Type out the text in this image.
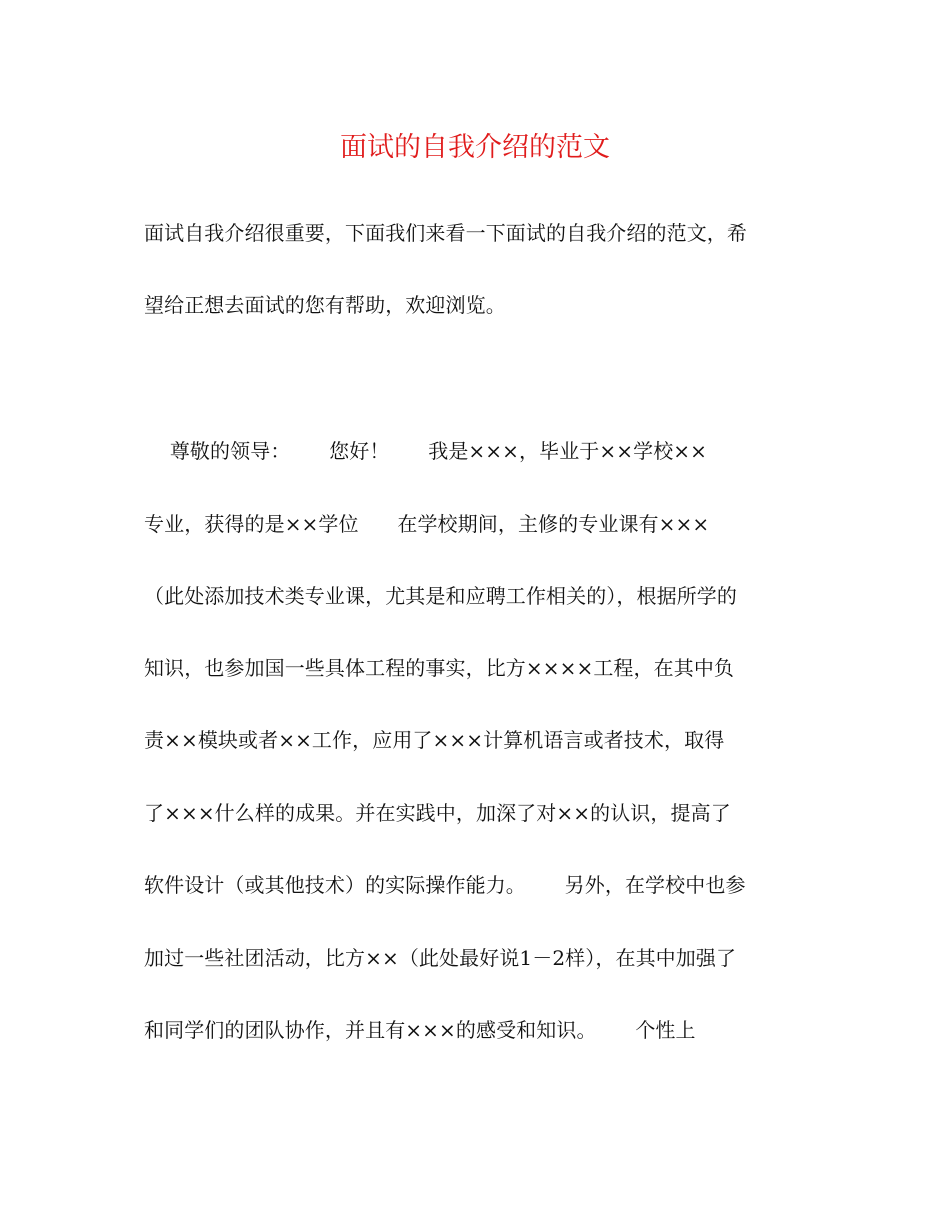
面试的自我介绍的范文
面试自我介绍很重要，下面我们来看一下面试的自我介绍的范文，希
望给正想去面试的您有帮助，欢迎浏览。
尊敬的领导：      您好！      我是×××，毕业于××学校××
专业，获得的是××学位      在学校期间，主修的专业课有×××
（此处添加技术类专业课，尤其是和应聘工作相关的），根据所学的
知识，也参加国一些具体工程的事实，比方××××工程，在其中负
责××模块或者××工作，应用了×××计算机语言或者技术，取得
了×××什么样的成果。并在实践中，加深了对××的认识，提高了
软件设计（或其他技术）的实际操作能力。      另外，在学校中也参
加过一些社团活动，比方××（此处最好说1－2样），在其中加强了
和同学们的团队协作，并且有×××的感受和知识。      个性上
